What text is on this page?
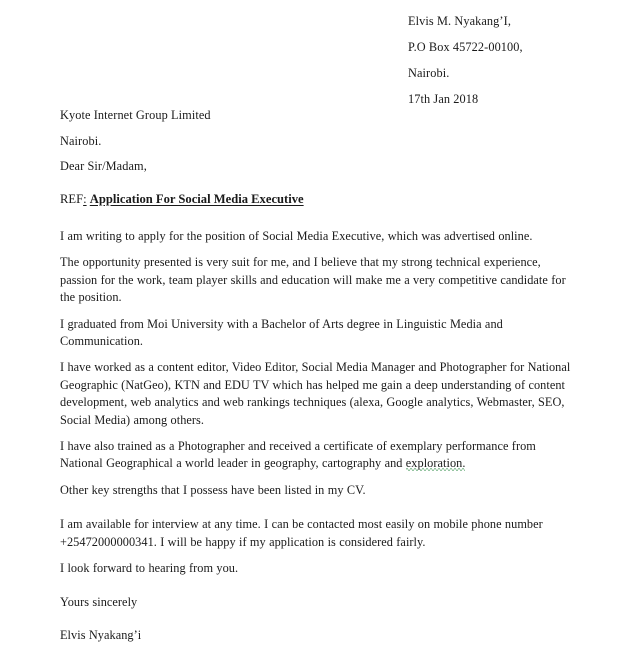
Elvis M. Nyakang’I,
P.O Box 45722-00100,
Nairobi.
17th Jan 2018
Kyote Internet Group Limited
Nairobi.
Dear Sir/Madam,
REF: Application For Social Media Executive

I am writing to apply for the position of Social Media Executive, which was advertised online.

The opportunity presented is very suit for me, and I believe that my strong technical experience, passion for the work, team player skills and education will make me a very competitive candidate for the position.

I graduated from Moi University with a Bachelor of Arts degree in Linguistic Media and Communication.

I have worked as a content editor, Video Editor, Social Media Manager and Photographer for National Geographic (NatGeo), KTN and EDU TV which has helped me gain a deep understanding of content development, web analytics and web rankings techniques (alexa, Google analytics, Webmaster, SEO, Social Media) among others.

I have also trained as a Photographer and received a certificate of exemplary performance from National Geographical a world leader in geography, cartography and exploration.

Other key strengths that I possess have been listed in my CV.

I am available for interview at any time. I can be contacted most easily on mobile phone number +25472000000341. I will be happy if my application is considered fairly.

I look forward to hearing from you.

Yours sincerely

Elvis Nyakang’i
